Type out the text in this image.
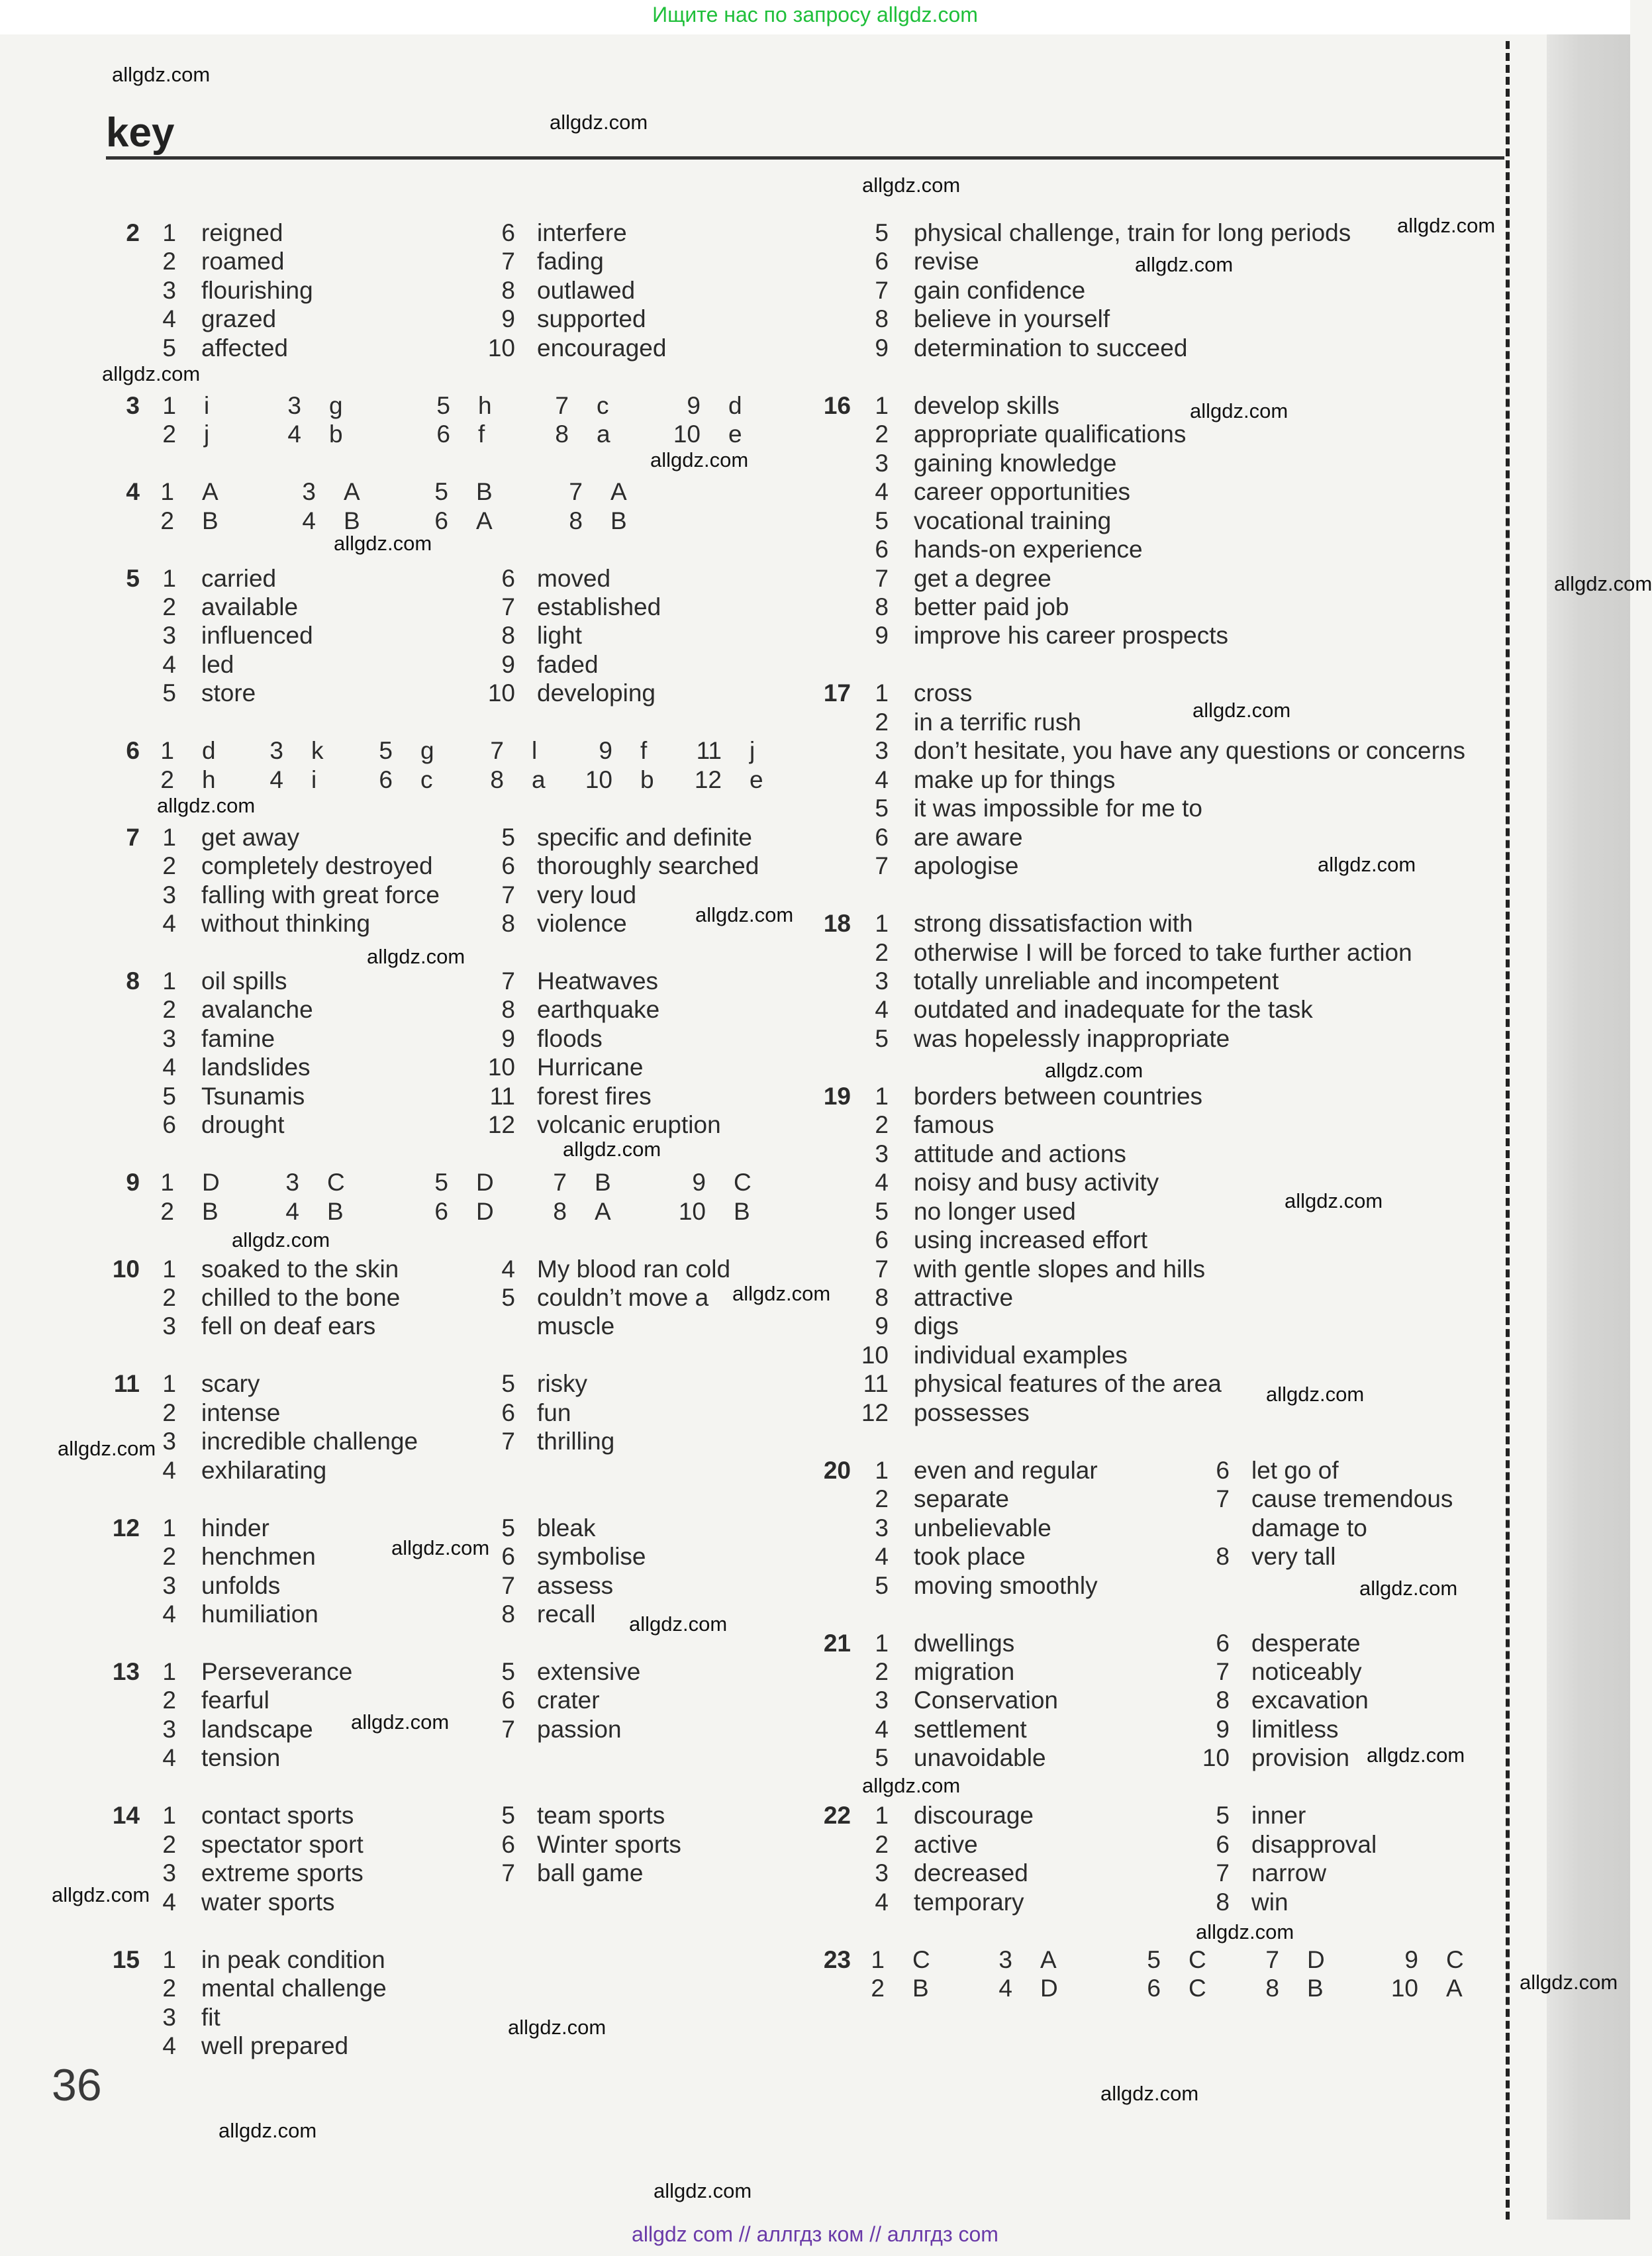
Ищите нас по запросу allgdz.com
key
36
allgdz com // аллгдз ком // аллгдз com
2 1 reigned
2 roamed
3 flourishing
4 grazed
5 affected
6 interfere
7 fading
8 outlawed
9 supported
10 encouraged
3 1 i	3 g	5 h	7 c	9 d
2 j	4 b	6 f	8 a	10 e
4 1 A	3 A	5 B	7 A
2 B	4 B	6 A	8 B
5 1 carried
2 available
3 influenced
4 led
5 store
6 moved
7 established
8 light
9 faded
10 developing
6 1 d	3 k	5 g	7 l	9 f	11 j
2 h	4 i	6 c	8 a	10 b	12 e
7 1 get away
2 completely destroyed
3 falling with great force
4 without thinking
5 specific and definite
6 thoroughly searched
7 very loud
8 violence
8 1 oil spills
2 avalanche
3 famine
4 landslides
5 Tsunamis
6 drought
7 Heatwaves
8 earthquake
9 floods
10 Hurricane
11 forest fires
12 volcanic eruption
9 1 D	3 C	5 D	7 B	9 C
2 B	4 B	6 D	8 A	10 B
10 1 soaked to the skin
2 chilled to the bone
3 fell on deaf ears
4 My blood ran cold
5 couldn’t move a
muscle
11 1 scary
2 intense
3 incredible challenge
4 exhilarating
5 risky
6 fun
7 thrilling
12 1 hinder
2 henchmen
3 unfolds
4 humiliation
5 bleak
6 symbolise
7 assess
8 recall
13 1 Perseverance
2 fearful
3 landscape
4 tension
5 extensive
6 crater
7 passion
14 1 contact sports
2 spectator sport
3 extreme sports
4 water sports
5 team sports
6 Winter sports
7 ball game
15 1 in peak condition
2 mental challenge
3 fit
4 well prepared
5 physical challenge, train for long periods
6 revise
7 gain confidence
8 believe in yourself
9 determination to succeed
16 1 develop skills
2 appropriate qualifications
3 gaining knowledge
4 career opportunities
5 vocational training
6 hands-on experience
7 get a degree
8 better paid job
9 improve his career prospects
17 1 cross
2 in a terrific rush
3 don’t hesitate, you have any questions or concerns
4 make up for things
5 it was impossible for me to
6 are aware
7 apologise
18 1 strong dissatisfaction with
2 otherwise I will be forced to take further action
3 totally unreliable and incompetent
4 outdated and inadequate for the task
5 was hopelessly inappropriate
19 1 borders between countries
2 famous
3 attitude and actions
4 noisy and busy activity
5 no longer used
6 using increased effort
7 with gentle slopes and hills
8 attractive
9 digs
10 individual examples
11 physical features of the area
12 possesses
20 1 even and regular
2 separate
3 unbelievable
4 took place
5 moving smoothly
6 let go of
7 cause tremendous
damage to
8 very tall
21 1 dwellings
2 migration
3 Conservation
4 settlement
5 unavoidable
6 desperate
7 noticeably
8 excavation
9 limitless
10 provision
22 1 discourage
2 active
3 decreased
4 temporary
5 inner
6 disapproval
7 narrow
8 win
23 1 C	3 A	5 C	7 D	9 C
2 B	4 D	6 C	8 B	10 A
allgdz.com
allgdz.com
allgdz.com
allgdz.com
allgdz.com
allgdz.com
allgdz.com
allgdz.com
allgdz.com
allgdz.com
allgdz.com
allgdz.com
allgdz.com
allgdz.com
allgdz.com
allgdz.com
allgdz.com
allgdz.com
allgdz.com
allgdz.com
allgdz.com
allgdz.com
allgdz.com
allgdz.com
allgdz.com
allgdz.com
allgdz.com
allgdz.com
allgdz.com
allgdz.com
allgdz.com
allgdz.com
allgdz.com
allgdz.com
allgdz.com
